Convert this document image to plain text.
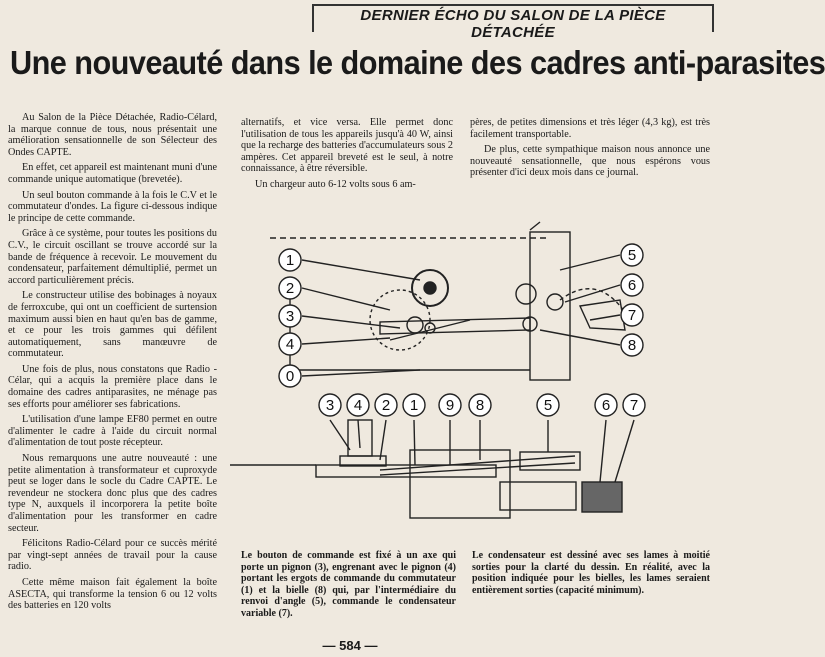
DERNIER ÉCHO DU SALON DE LA PIÈCE DÉTACHÉE
Une nouveauté dans le domaine des cadres anti-parasites

Au Salon de la Pièce Détachée, Radio-Célard, la marque connue de tous, nous présentait une amélioration sensationnelle de son Sélecteur des Ondes CAPTE.

En effet, cet appareil est maintenant muni d'une commande unique automatique (brevetée).

Un seul bouton commande à la fois le C.V et le commutateur d'ondes. La figure ci-dessous indique le principe de cette commande.

Grâce à ce système, pour toutes les positions du C.V., le circuit oscillant se trouve accordé sur la bande de fréquence à recevoir. Le mouvement du condensateur, parfaitement démultiplié, permet un accord particulièrement précis.

Le constructeur utilise des bobinages à noyaux de ferroxcube, qui ont un coefficient de surtension maximum aussi bien en haut qu'en bas de gamme, et ce pour les trois gammes qui défilent automatiquement, sans manœuvre de commutateur.

Une fois de plus, nous constatons que Radio - Célar, qui a acquis la première place dans le domaine des cadres antiparasites, ne ménage pas ses efforts pour améliorer ses fabrications.

L'utilisation d'une lampe EF80 permet en outre d'alimenter le cadre à l'aide du circuit normal d'alimentation de tout poste récepteur.

Nous remarquons une autre nouveauté : une petite alimentation à transformateur et cuproxyde peut se loger dans le socle du Cadre CAPTE. Le revendeur ne stockera donc plus que des cadres type N, auxquels il incorporera la petite boîte d'alimentation pour les transformer en cadre secteur.

Félicitons Radio-Célard pour ce succès mérité par vingt-sept années de travail pour la cause radio.

Cette même maison fait également la boîte ASECTA, qui transforme la tension 6 ou 12 volts des batteries en 120 volts

alternatifs, et vice versa. Elle permet donc l'utilisation de tous les appareils jusqu'à 40 W, ainsi que la recharge des batteries d'accumulateurs sous 2 ampères. Cet appareil breveté est le seul, à notre connaissance, à être réversible.

Un chargeur auto 6-12 volts sous 6 am-

pères, de petites dimensions et très léger (4,3 kg), est très facilement transportable.

De plus, cette sympathique maison nous annonce une nouveauté sensationnelle, que nous espérons vous présenter d'ici deux mois dans ce journal.

1
2
3
4
0
5
6
7
8
3 4 2 1 9 8	5	6 7
Le bouton de commande est fixé à un axe qui porte un pignon (3), engrenant avec le pignon (4) portant les ergots de commande du commutateur (1) et la bielle (8) qui, par l'intermédiaire du renvoi d'angle (5), commande le condensateur variable (7).
Le condensateur est dessiné avec ses lames à moitié sorties pour la clarté du dessin. En réalité, avec la position indiquée pour les bielles, les lames seraient entièrement sorties (capacité minimum).
— 584 —
